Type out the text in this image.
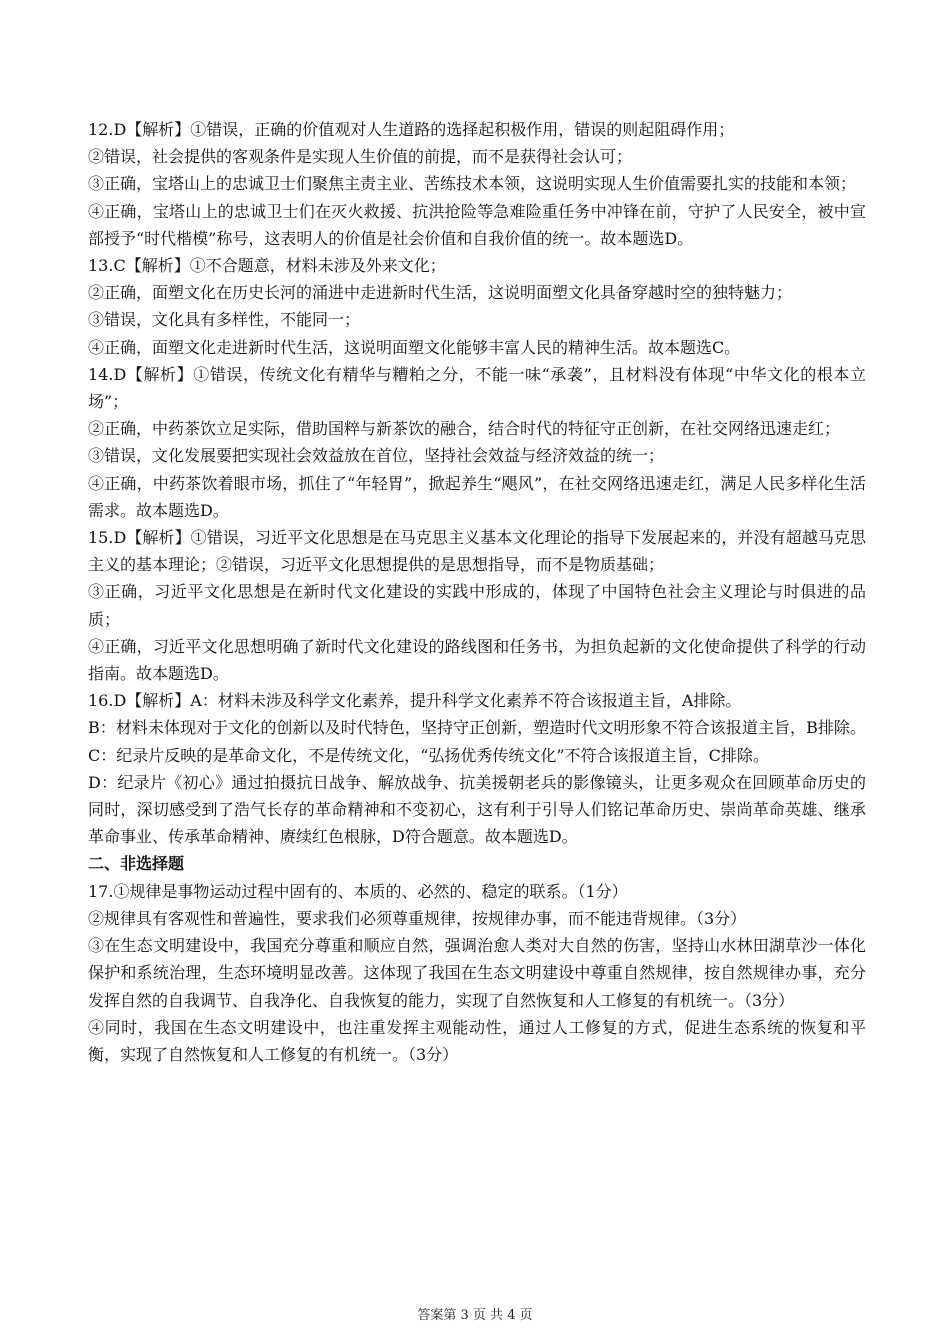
12.D【解析】①错误，正确的价值观对人生道路的选择起积极作用，错误的则起阻碍作用；

②错误，社会提供的客观条件是实现人生价值的前提，而不是获得社会认可；

③正确，宝塔山上的忠诚卫士们聚焦主责主业、苦练技术本领，这说明实现人生价值需要扎实的技能和本领；

④正确，宝塔山上的忠诚卫士们在灭火救援、抗洪抢险等急难险重任务中冲锋在前，守护了人民安全，被中宣部授予“时代楷模”称号，这表明人的价值是社会价值和自我价值的统一。故本题选D。

13.C【解析】①不合题意，材料未涉及外来文化；

②正确，面塑文化在历史长河的涌进中走进新时代生活，这说明面塑文化具备穿越时空的独特魅力；

③错误，文化具有多样性，不能同一；

④正确，面塑文化走进新时代生活，这说明面塑文化能够丰富人民的精神生活。故本题选C。

14.D【解析】①错误，传统文化有精华与糟粕之分，不能一味“承袭”，且材料没有体现“中华文化的根本立场”；

②正确，中药茶饮立足实际，借助国粹与新茶饮的融合，结合时代的特征守正创新，在社交网络迅速走红；

③错误，文化发展要把实现社会效益放在首位，坚持社会效益与经济效益的统一；

④正确，中药茶饮着眼市场，抓住了“年轻胃”，掀起养生“飓风”，在社交网络迅速走红，满足人民多样化生活需求。故本题选D。

15.D【解析】①错误，习近平文化思想是在马克思主义基本文化理论的指导下发展起来的，并没有超越马克思主义的基本理论；②错误，习近平文化思想提供的是思想指导，而不是物质基础；

③正确，习近平文化思想是在新时代文化建设的实践中形成的，体现了中国特色社会主义理论与时俱进的品质；

④正确，习近平文化思想明确了新时代文化建设的路线图和任务书，为担负起新的文化使命提供了科学的行动指南。故本题选D。

16.D【解析】A：材料未涉及科学文化素养，提升科学文化素养不符合该报道主旨，A排除。

B：材料未体现对于文化的创新以及时代特色，坚持守正创新，塑造时代文明形象不符合该报道主旨，B排除。C：纪录片反映的是革命文化，不是传统文化，“弘扬优秀传统文化”不符合该报道主旨，C排除。

D：纪录片《初心》通过拍摄抗日战争、解放战争、抗美援朝老兵的影像镜头，让更多观众在回顾革命历史的同时，深切感受到了浩气长存的革命精神和不变初心，这有利于引导人们铭记革命历史、崇尚革命英雄、继承革命事业、传承革命精神、赓续红色根脉，D符合题意。故本题选D。

二、非选择题

17.①规律是事物运动过程中固有的、本质的、必然的、稳定的联系。（1分）

②规律具有客观性和普遍性，要求我们必须尊重规律，按规律办事，而不能违背规律。（3分）

③在生态文明建设中，我国充分尊重和顺应自然，强调治愈人类对大自然的伤害，坚持山水林田湖草沙一体化保护和系统治理，生态环境明显改善。这体现了我国在生态文明建设中尊重自然规律，按自然规律办事，充分发挥自然的自我调节、自我净化、自我恢复的能力，实现了自然恢复和人工修复的有机统一。（3分）

④同时，我国在生态文明建设中，也注重发挥主观能动性，通过人工修复的方式，促进生态系统的恢复和平衡，实现了自然恢复和人工修复的有机统一。（3分）

答案第 3 页 共 4 页
